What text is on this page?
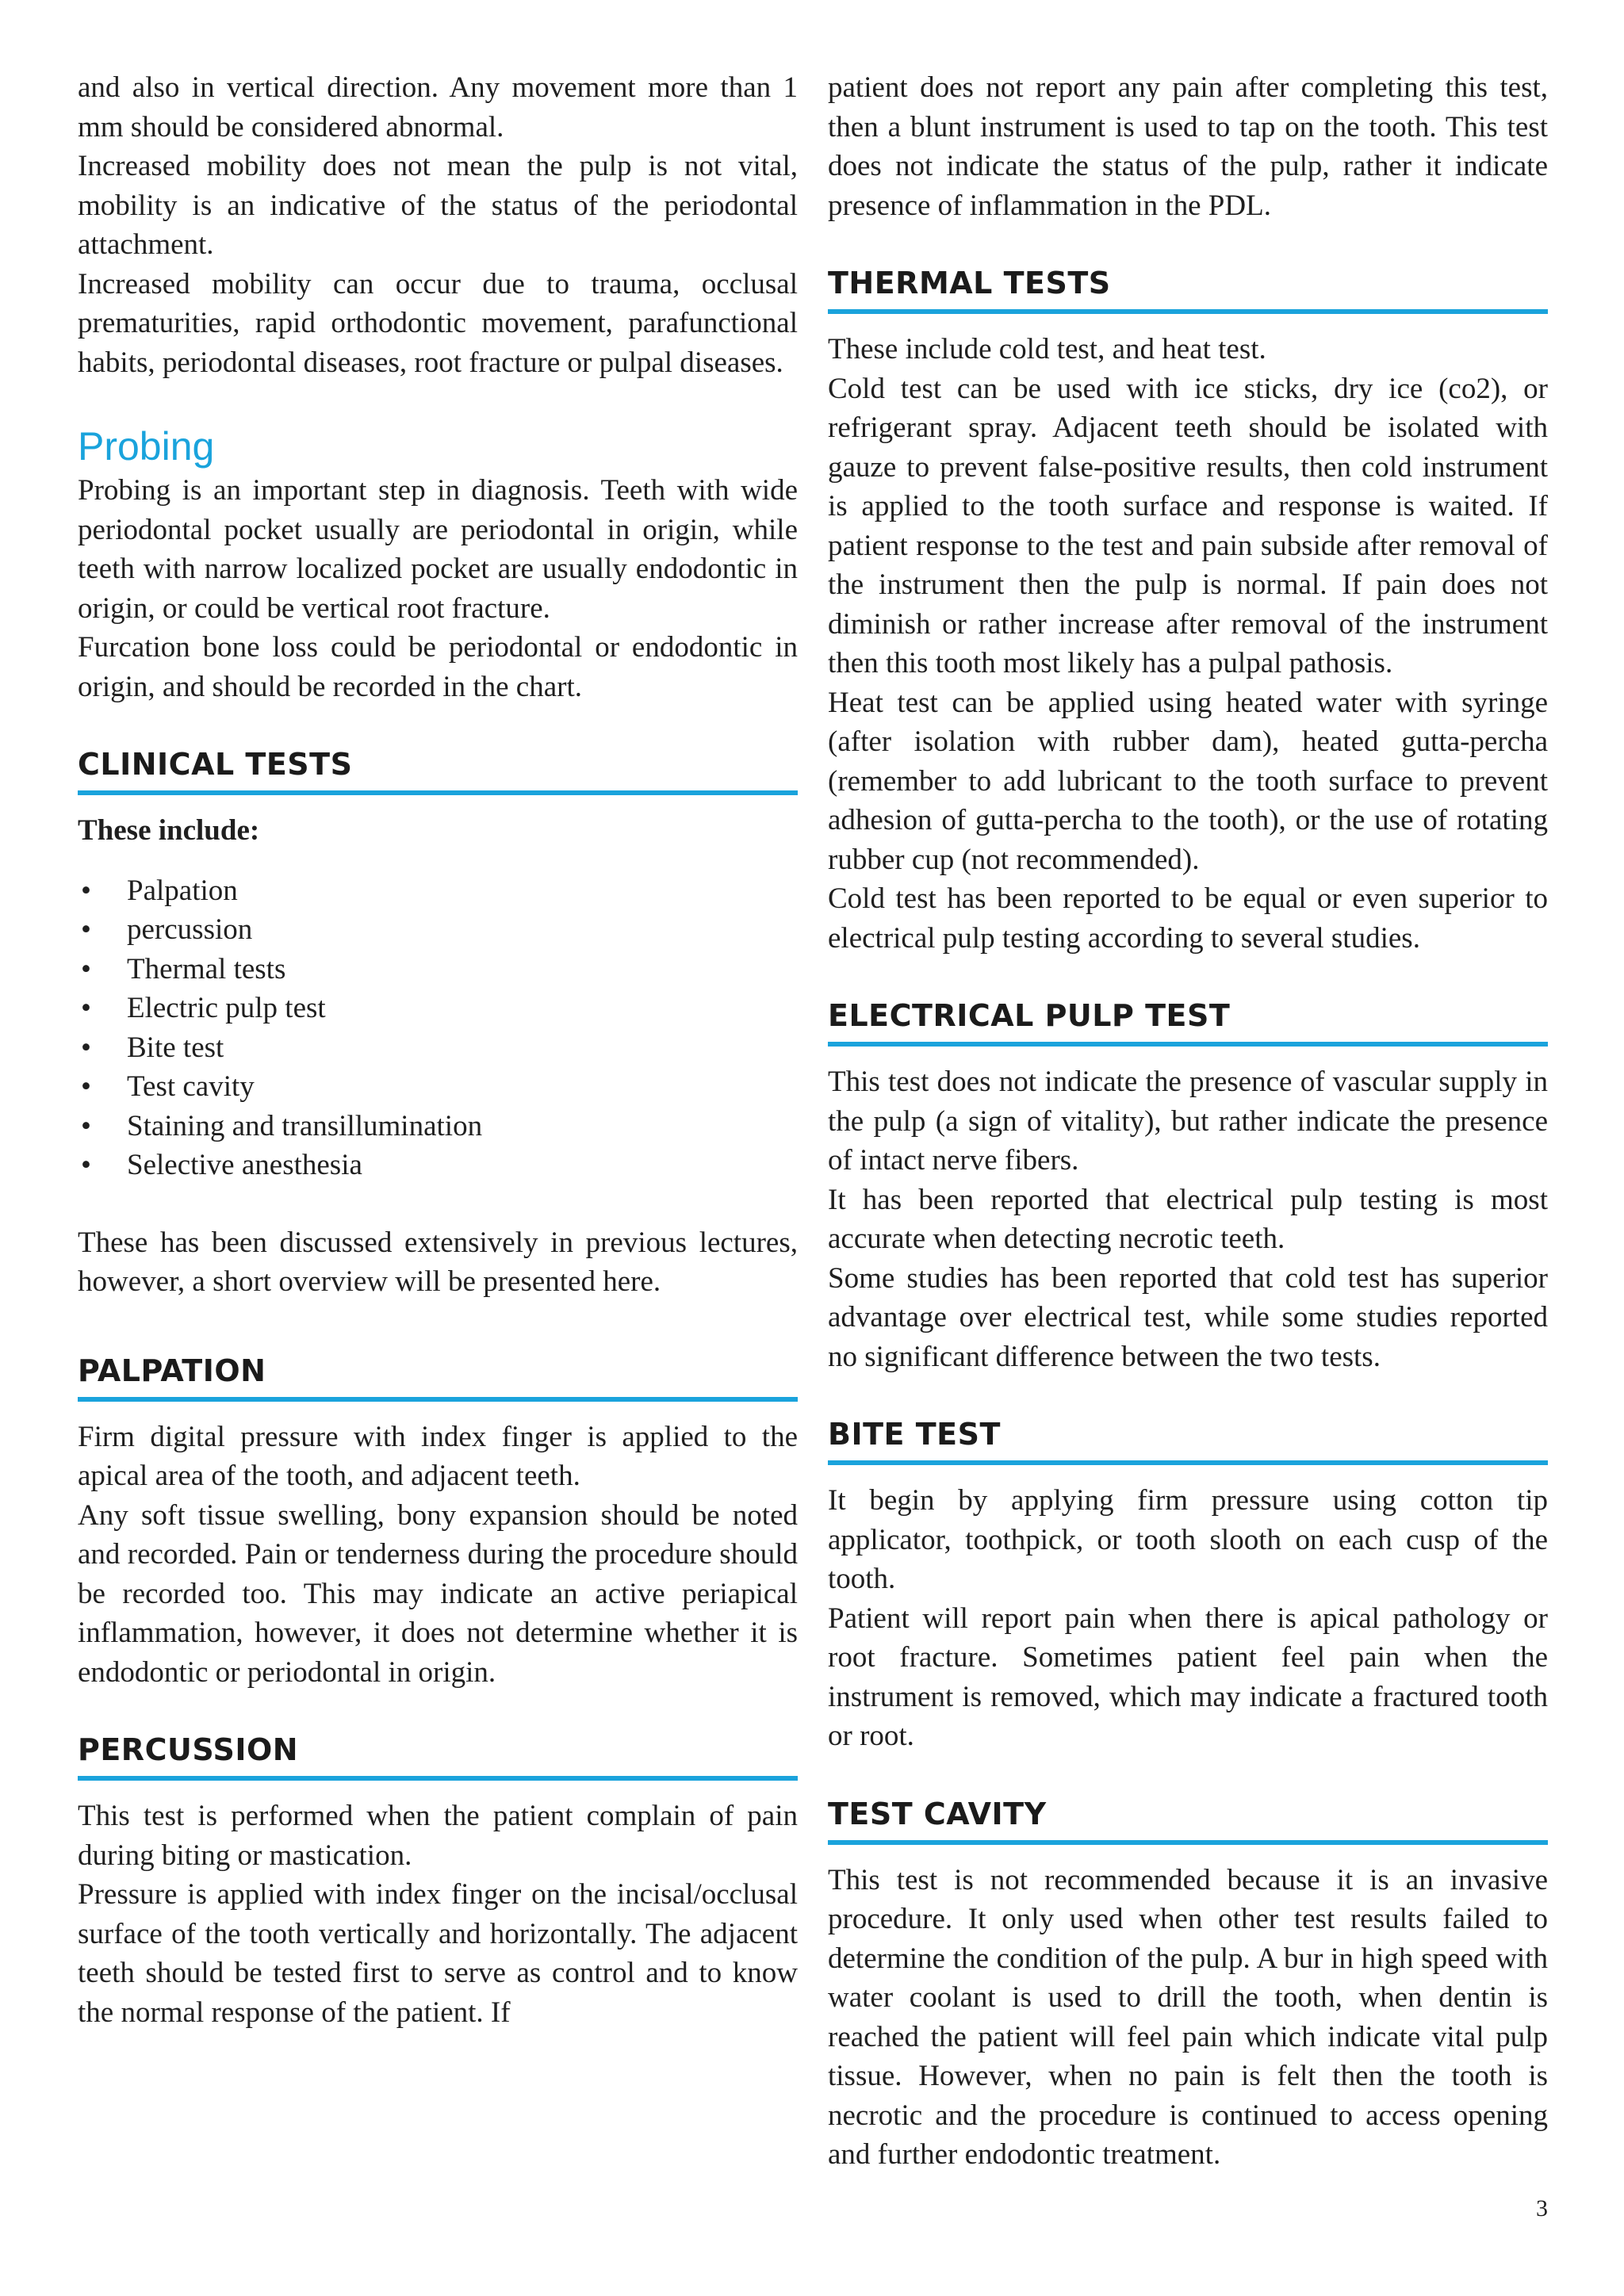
and also in vertical direction. Any movement more than 1 mm should be considered abnormal.

Increased mobility does not mean the pulp is not vital, mobility is an indicative of the status of the periodontal attachment.

Increased mobility can occur due to trauma, occlusal prematurities, rapid orthodontic movement, parafunctional habits, periodontal diseases, root fracture or pulpal diseases.

Probing

Probing is an important step in diagnosis. Teeth with wide periodontal pocket usually are periodontal in origin, while teeth with narrow localized pocket are usually endodontic in origin, or could be vertical root fracture.

Furcation bone loss could be periodontal or endodontic in origin, and should be recorded in the chart.

CLINICAL TESTS

These include:

•	Palpation
•	percussion
•	Thermal tests
•	Electric pulp test
•	Bite test
•	Test cavity
•	Staining and transillumination
•	Selective anesthesia

These has been discussed extensively in previous lectures, however, a short overview will be presented here.

PALPATION

Firm digital pressure with index finger is applied to the apical area of the tooth, and adjacent teeth.

Any soft tissue swelling, bony expansion should be noted and recorded. Pain or tenderness during the procedure should be recorded too. This may indicate an active periapical inflammation, however, it does not determine whether it is endodontic or periodontal in origin.

PERCUSSION

This test is performed when the patient complain of pain during biting or mastication.

Pressure is applied with index finger on the incisal/occlusal surface of the tooth vertically and horizontally. The adjacent teeth should be tested first to serve as control and to know the normal response of the patient. If

patient does not report any pain after completing this test, then a blunt instrument is used to tap on the tooth. This test does not indicate the status of the pulp, rather it indicate presence of inflammation in the PDL.

THERMAL TESTS

These include cold test, and heat test.

Cold test can be used with ice sticks, dry ice (co2), or refrigerant spray. Adjacent teeth should be isolated with gauze to prevent false-positive results, then cold instrument is applied to the tooth surface and response is waited. If patient response to the test and pain subside after removal of the instrument then the pulp is normal. If pain does not diminish or rather increase after removal of the instrument then this tooth most likely has a pulpal pathosis.

Heat test can be applied using heated water with syringe (after isolation with rubber dam), heated gutta-percha (remember to add lubricant to the tooth surface to prevent adhesion of gutta-percha to the tooth), or the use of rotating rubber cup (not recommended).

Cold test has been reported to be equal or even superior to electrical pulp testing according to several studies.

ELECTRICAL PULP TEST

This test does not indicate the presence of vascular supply in the pulp (a sign of vitality), but rather indicate the presence of intact nerve fibers.

It has been reported that electrical pulp testing is most accurate when detecting necrotic teeth.

Some studies has been reported that cold test has superior advantage over electrical test, while some studies reported no significant difference between the two tests.

BITE TEST

It begin by applying firm pressure using cotton tip applicator, toothpick, or tooth slooth on each cusp of the tooth.

Patient will report pain when there is apical pathology or root fracture. Sometimes patient feel pain when the instrument is removed, which may indicate a fractured tooth or root.

TEST CAVITY

This test is not recommended because it is an invasive procedure. It only used when other test results failed to determine the condition of the pulp. A bur in high speed with water coolant is used to drill the tooth, when dentin is reached the patient will feel pain which indicate vital pulp tissue. However, when no pain is felt then the tooth is necrotic and the procedure is continued to access opening and further endodontic treatment.

3
